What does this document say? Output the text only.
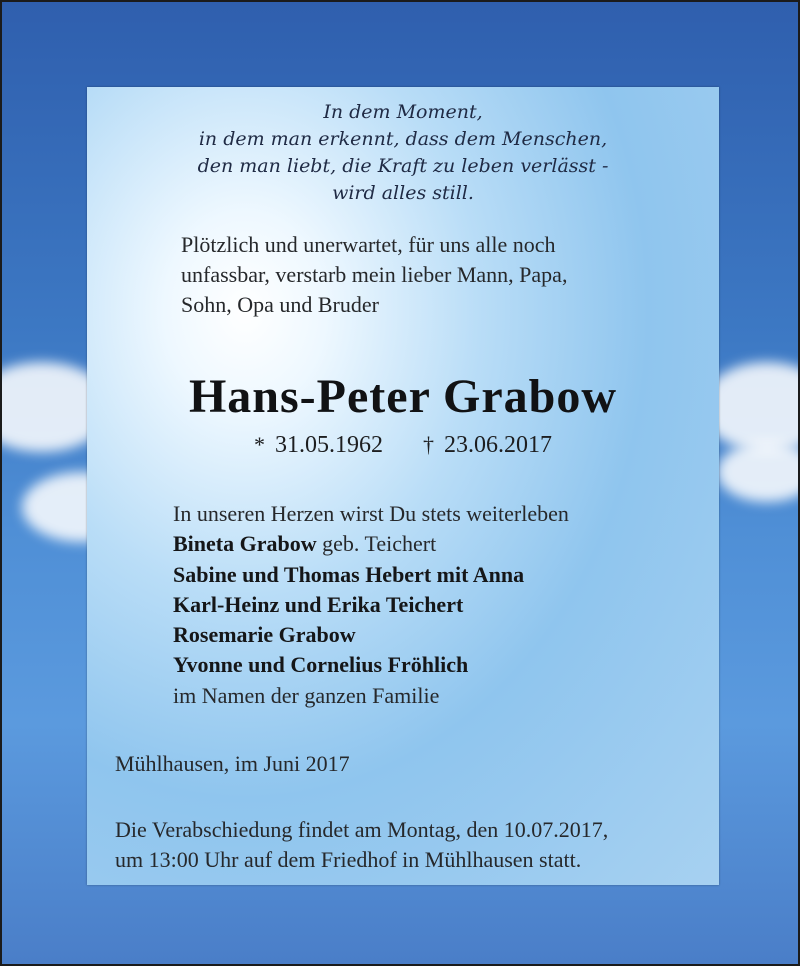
In dem Moment,
in dem man erkennt, dass dem Menschen,
den man liebt, die Kraft zu leben verlässt -
wird alles still.
Plötzlich und unerwartet, für uns alle noch
unfassbar, verstarb mein lieber Mann, Papa,
Sohn, Opa und Bruder
Hans-Peter Grabow
* 31.05.1962 † 23.06.2017
In unseren Herzen wirst Du stets weiterleben
Bineta Grabow geb. Teichert
Sabine und Thomas Hebert mit Anna
Karl-Heinz und Erika Teichert
Rosemarie Grabow
Yvonne und Cornelius Fröhlich
im Namen der ganzen Familie
Mühlhausen, im Juni 2017
Die Verabschiedung findet am Montag, den 10.07.2017,
um 13:00 Uhr auf dem Friedhof in Mühlhausen statt.
